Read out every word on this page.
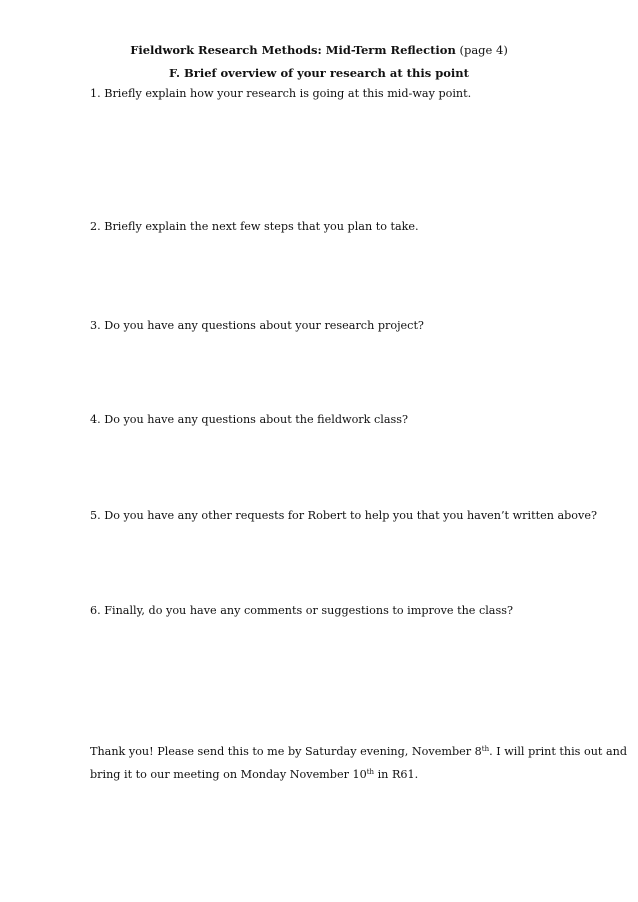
Fieldwork Research Methods: Mid-Term Reflection (page 4)
F. Brief overview of your research at this point
1. Briefly explain how your research is going at this mid-way point.
2. Briefly explain the next few steps that you plan to take.
3. Do you have any questions about your research project?
4. Do you have any questions about the fieldwork class?
5. Do you have any other requests for Robert to help you that you haven’t written above?
6. Finally, do you have any comments or suggestions to improve the class?
Thank you! Please send this to me by Saturday evening, November 8th. I will print this out and
bring it to our meeting on Monday November 10th in R61.
